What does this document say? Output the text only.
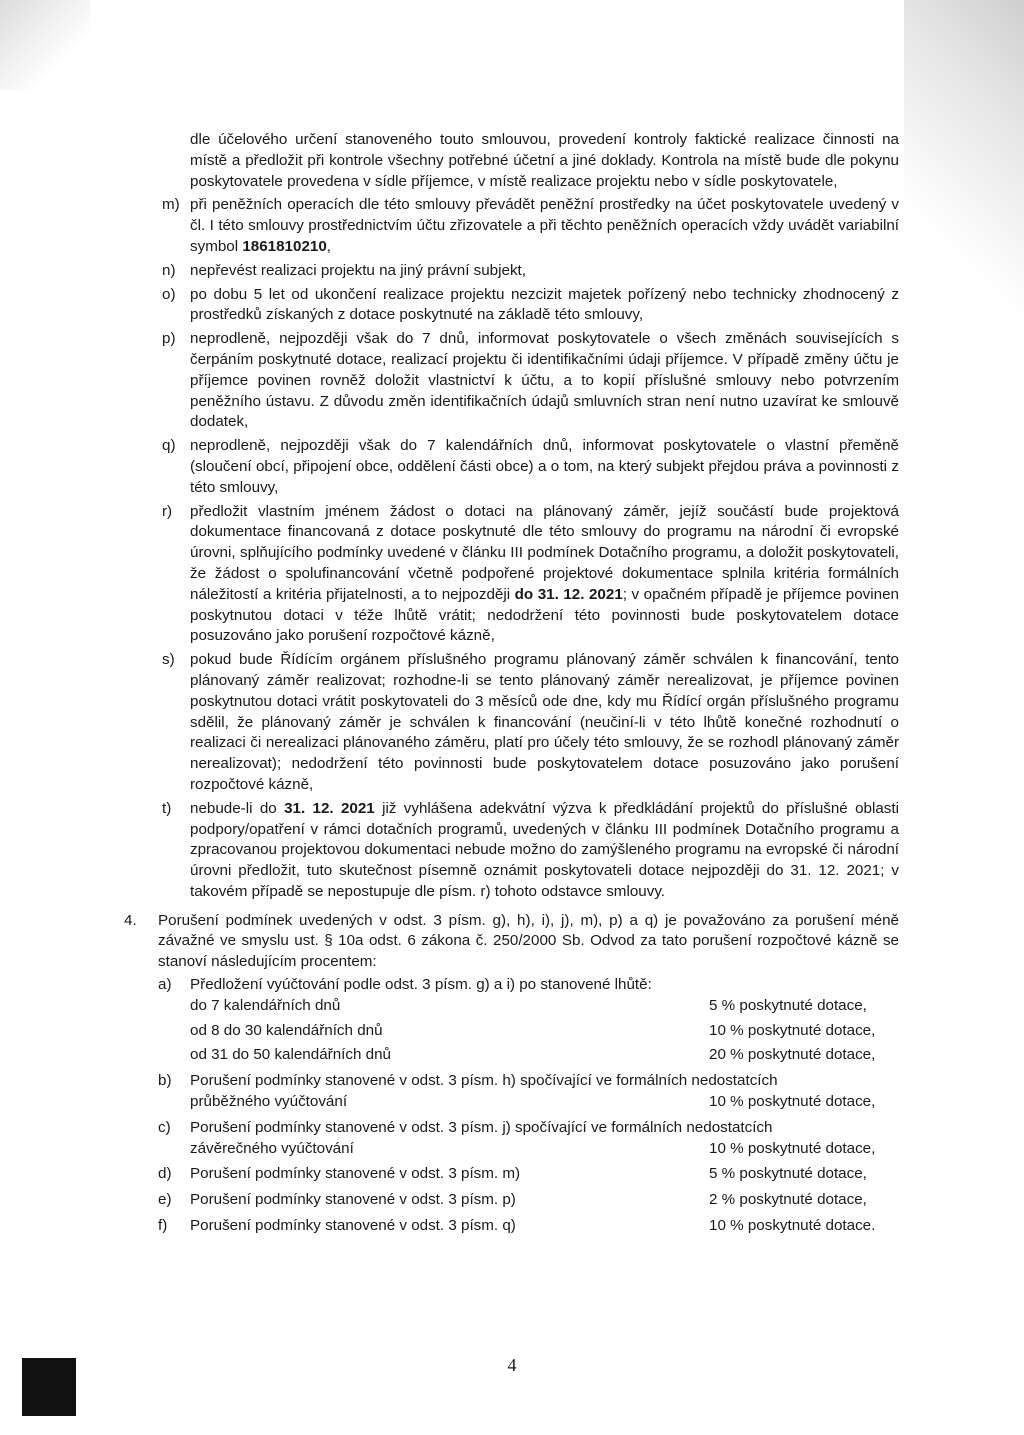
dle účelového určení stanoveného touto smlouvou, provedení kontroly faktické realizace činnosti na místě a předložit při kontrole všechny potřebné účetní a jiné doklady. Kontrola na místě bude dle pokynu poskytovatele provedena v sídle příjemce, v místě realizace projektu nebo v sídle poskytovatele,

m) při peněžních operacích dle této smlouvy převádět peněžní prostředky na účet poskytovatele uvedený v čl. I této smlouvy prostřednictvím účtu zřizovatele a při těchto peněžních operacích vždy uvádět variabilní symbol 1861810210,
n) nepřevést realizaci projektu na jiný právní subjekt,
o) po dobu 5 let od ukončení realizace projektu nezcizit majetek pořízený nebo technicky zhodnocený z prostředků získaných z dotace poskytnuté na základě této smlouvy,
p) neprodleně, nejpozději však do 7 dnů, informovat poskytovatele o všech změnách souvisejících s čerpáním poskytnuté dotace, realizací projektu či identifikačními údaji příjemce. V případě změny účtu je příjemce povinen rovněž doložit vlastnictví k účtu, a to kopií příslušné smlouvy nebo potvrzením peněžního ústavu. Z důvodu změn identifikačních údajů smluvních stran není nutno uzavírat ke smlouvě dodatek,
q) neprodleně, nejpozději však do 7 kalendářních dnů, informovat poskytovatele o vlastní přeměně (sloučení obcí, připojení obce, oddělení části obce) a o tom, na který subjekt přejdou práva a povinnosti z této smlouvy,
r)	předložit vlastním jménem žádost o dotaci na plánovaný záměr, jejíž součástí bude projektová dokumentace financovaná z dotace poskytnuté dle této smlouvy do programu na národní či evropské úrovni, splňujícího podmínky uvedené v článku III podmínek Dotačního programu, a doložit poskytovateli, že žádost o spolufinancování včetně podpořené projektové dokumentace splnila kritéria formálních náležitostí a kritéria přijatelnosti, a to nejpozději do 31. 12. 2021; v opačném případě je příjemce povinen poskytnutou dotaci v téže lhůtě vrátit; nedodržení této povinnosti bude poskytovatelem dotace posuzováno jako porušení rozpočtové kázně,
s)	pokud bude Řídícím orgánem příslušného programu plánovaný záměr schválen k financování, tento plánovaný záměr realizovat; rozhodne-li se tento plánovaný záměr nerealizovat, je příjemce povinen poskytnutou dotaci vrátit poskytovateli do 3 měsíců ode dne, kdy mu Řídící orgán příslušného programu sdělil, že plánovaný záměr je schválen k financování (neučiní-li v této lhůtě konečné rozhodnutí o realizaci či nerealizaci plánovaného záměru, platí pro účely této smlouvy, že se rozhodl plánovaný záměr nerealizovat); nedodržení této povinnosti bude poskytovatelem dotace posuzováno jako porušení rozpočtové kázně,
t)	nebude-li do 31. 12. 2021 již vyhlášena adekvátní výzva k předkládání projektů do příslušné oblasti podpory/opatření v rámci dotačních programů, uvedených v článku III podmínek Dotačního programu a zpracovanou projektovou dokumentaci nebude možno do zamýšleného programu na evropské či národní úrovni předložit, tuto skutečnost písemně oznámit poskytovateli dotace nejpozději do 31. 12. 2021; v takovém případě se nepostupuje dle písm. r) tohoto odstavce smlouvy.
4.	Porušení podmínek uvedených v odst. 3 písm. g), h), i), j), m), p) a q) je považováno za porušení méně závažné ve smyslu ust. § 10a odst. 6 zákona č. 250/2000 Sb. Odvod za tato porušení rozpočtové kázně se stanoví následujícím procentem:

a)	Předložení vyúčtování podle odst. 3 písm. g) a i) po stanovené lhůtě:
do 7 kalendářních dnů	5 % poskytnuté dotace,
od 8 do 30 kalendářních dnů	10 % poskytnuté dotace,
od 31 do 50 kalendářních dnů	20 % poskytnuté dotace,
b)	Porušení podmínky stanovené v odst. 3 písm. h) spočívající ve formálních nedostatcích

průběžného vyúčtování	10 % poskytnuté dotace,
c)	Porušení podmínky stanovené v odst. 3 písm. j) spočívající ve formálních nedostatcích

závěrečného vyúčtování	10 % poskytnuté dotace,
d)	Porušení podmínky stanovené v odst. 3 písm. m)	5 % poskytnuté dotace,
e)	Porušení podmínky stanovené v odst. 3 písm. p)	2 % poskytnuté dotace,
f)	Porušení podmínky stanovené v odst. 3 písm. q)	10 % poskytnuté dotace.
4
